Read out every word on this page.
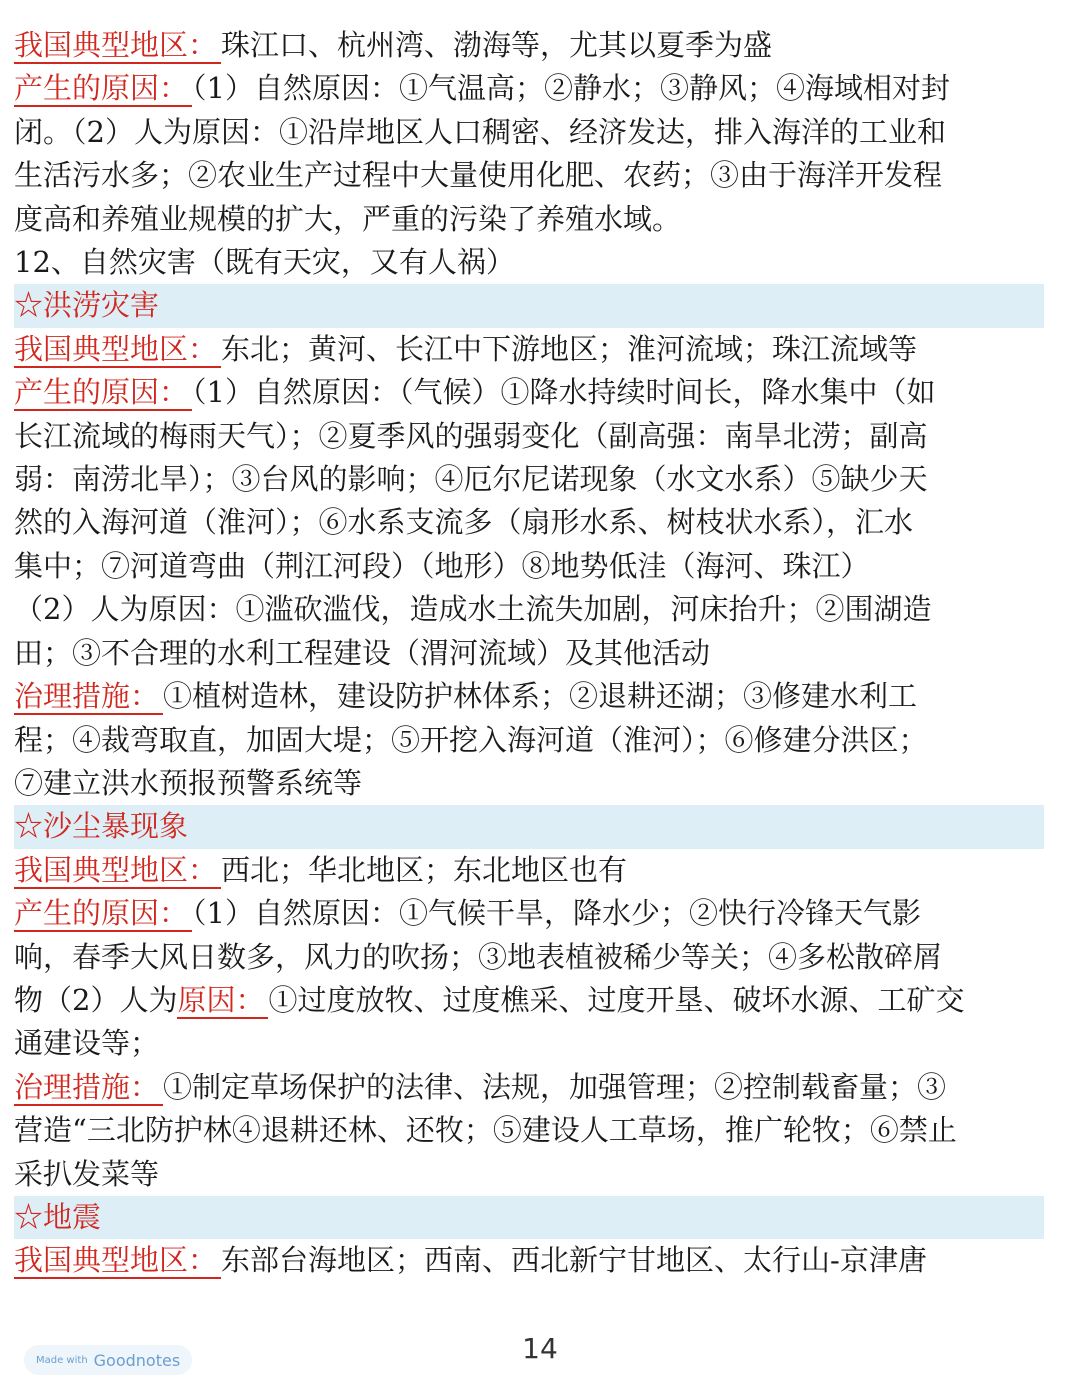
我国典型地区： 珠江口、杭州湾、渤海等，尤其以夏季为盛
产生的原因： （1）自然原因：①气温高；②静水；③静风；④海域相对封
闭。（2）人为原因：①沿岸地区人口稠密、经济发达，排入海洋的工业和
生活污水多；②农业生产过程中大量使用化肥、农药；③由于海洋开发程
度高和养殖业规模的扩大，严重的污染了养殖水域。
12、自然灾害（既有天灾，又有人祸）
☆洪涝灾害
我国典型地区： 东北；黄河、长江中下游地区；淮河流域；珠江流域等
产生的原因： （1）自然原因：（气候）①降水持续时间长，降水集中（如
长江流域的梅雨天气）；②夏季风的强弱变化（副高强：南旱北涝；副高
弱：南涝北旱）；③台风的影响；④厄尔尼诺现象（水文水系）⑤缺少天
然的入海河道（淮河）；⑥水系支流多（扇形水系、树枝状水系），汇水
集中；⑦河道弯曲（荆江河段）（地形）⑧地势低洼（海河、珠江）
（2）人为原因：①滥砍滥伐，造成水土流失加剧，河床抬升；②围湖造
田；③不合理的水利工程建设（渭河流域）及其他活动
治理措施： ①植树造林，建设防护林体系；②退耕还湖；③修建水利工
程；④裁弯取直，加固大堤；⑤开挖入海河道（淮河）；⑥修建分洪区；
⑦建立洪水预报预警系统等
☆沙尘暴现象
我国典型地区： 西北；华北地区；东北地区也有
产生的原因： （1）自然原因：①气候干旱，降水少；②快行冷锋天气影
响，春季大风日数多，风力的吹扬；③地表植被稀少等关；④多松散碎屑
物（2）人为原因： ①过度放牧、过度樵采、过度开垦、破坏水源、工矿交
通建设等；
治理措施： ①制定草场保护的法律、法规，加强管理；②控制载畜量；③
营造“三北防护林④退耕还林、还牧；⑤建设人工草场，推广轮牧；⑥禁止
采扒发菜等
☆地震
我国典型地区： 东部台海地区；西南、西北新宁甘地区、太行山-京津唐
Made with Goodnotes	14
